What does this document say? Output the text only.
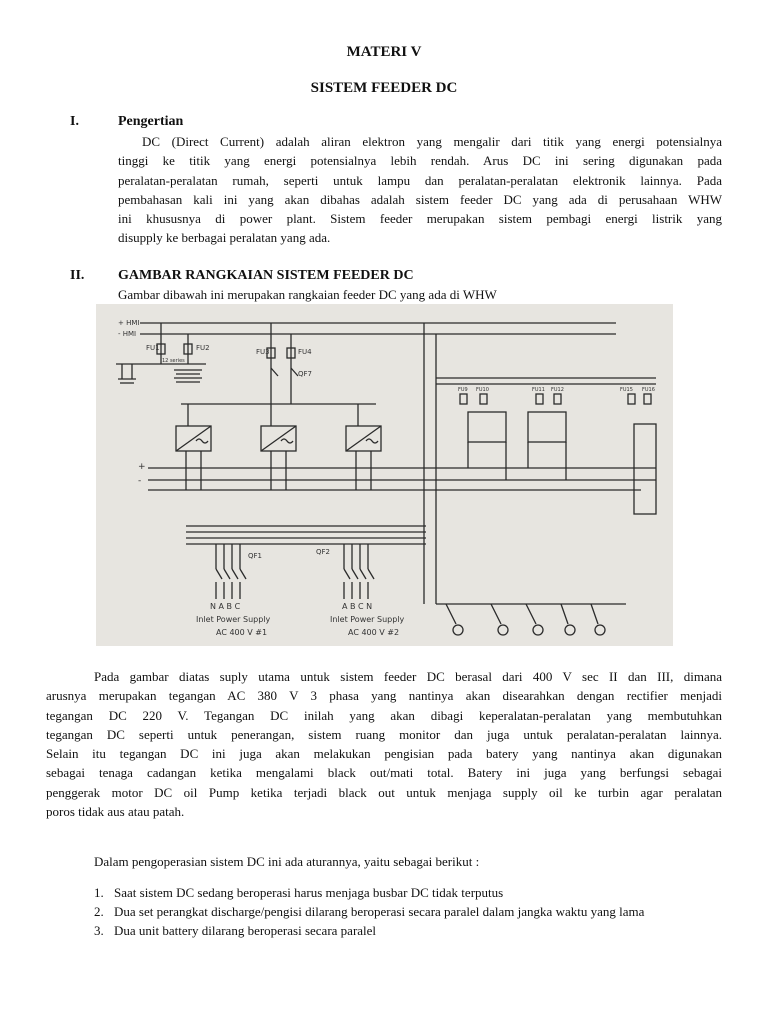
MATERI V
SISTEM FEEDER DC
I.	Pengertian
DC (Direct Current) adalah aliran elektron yang mengalir dari titik yang energi potensialnya
tinggi ke titik yang energi potensialnya lebih rendah. Arus DC ini sering digunakan pada
peralatan-peralatan rumah, seperti untuk lampu dan peralatan-peralatan elektronik lainnya. Pada
pembahasan kali ini yang akan dibahas adalah sistem feeder DC yang ada di perusahaan WHW
ini khususnya di power plant. Sistem feeder merupakan sistem pembagi energi listrik yang
disupply ke berbagai peralatan yang ada.
II. GAMBAR RANGKAIAN SISTEM FEEDER DC
Gambar dibawah ini merupakan rangkaian feeder DC yang ada di WHW
+ HMI
- HMI
FU1	FU2
12 series
FU3	FU4
QF7
+
-
FU9 FU10	FU11 FU12	FU15 FU16
QF1	QF2
N A B C	A B C N
Inlet Power Supply
AC 400 V #1
Inlet Power Supply
AC 400 V #2
Pada gambar diatas suply utama untuk sistem feeder DC berasal dari 400 V sec II dan III, dimana
arusnya merupakan tegangan AC 380 V 3 phasa yang nantinya akan disearahkan dengan rectifier menjadi
tegangan DC 220 V. Tegangan DC inilah yang akan dibagi keperalatan-peralatan yang membutuhkan
tegangan DC seperti untuk penerangan, sistem ruang monitor dan juga untuk peralatan-peralatan lainnya.
Selain itu tegangan DC ini juga akan melakukan pengisian pada batery yang nantinya akan digunakan
sebagai tenaga cadangan ketika mengalami black out/mati total. Batery ini juga yang berfungsi sebagai
penggerak motor DC oil Pump ketika terjadi black out untuk menjaga supply oil ke turbin agar peralatan
poros tidak aus atau patah.
Dalam pengoperasian sistem DC ini ada aturannya, yaitu sebagai berikut :
1. Saat sistem DC sedang beroperasi harus menjaga busbar DC tidak terputus
2. Dua set perangkat discharge/pengisi dilarang beroperasi secara paralel dalam jangka waktu yang lama
3. Dua unit battery dilarang beroperasi secara paralel
